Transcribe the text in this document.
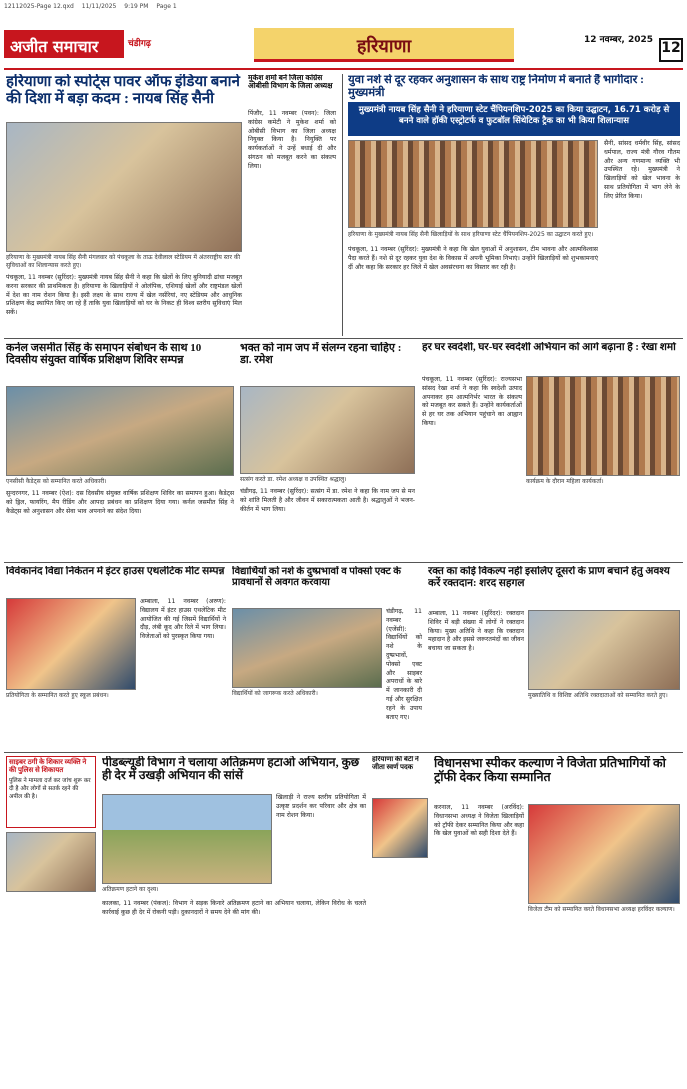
12112025-Page 12.qxd 11/11/2025 9:19 PM Page 1
अजीत समाचार	चंडीगढ़	हरियाणा	12 नवम्बर, 2025 12
हरियाणा को स्पोर्ट्स पावर ऑफ इंडिया बनाने की दिशा में बड़ा कदम : नायब सिंह सैनी
हरियाणा के मुख्यमंत्री नायब सिंह सैनी मंगलवार को पंचकूला के ताऊ देवीलाल स्टेडियम में अंतरराष्ट्रीय स्तर की सुविधाओं का शिलान्यास करते हुए।
पंचकूला, 11 नवम्बर (सुरिंदर): मुख्यमंत्री नायब सिंह सैनी ने कहा कि खेलों के लिए बुनियादी ढांचा मजबूत करना सरकार की प्राथमिकता है। हरियाणा के खिलाड़ियों ने ओलंपिक, एशियाई खेलों और राष्ट्रमंडल खेलों में देश का नाम रोशन किया है। इसी लक्ष्य के साथ राज्य में खेल नर्सरियां, नए स्टेडियम और आधुनिक प्रशिक्षण केंद्र स्थापित किए जा रहे हैं ताकि युवा खिलाड़ियों को घर के निकट ही विश्व स्तरीय सुविधाएं मिल सकें।
मुकेश शर्मा बने जिला कांग्रेस ओबीसी विभाग के जिला अध्यक्ष
पिंजौर, 11 नवम्बर (पवन): जिला कांग्रेस कमेटी ने मुकेश शर्मा को ओबीसी विभाग का जिला अध्यक्ष नियुक्त किया है। नियुक्ति पर कार्यकर्ताओं ने उन्हें बधाई दी और संगठन को मजबूत करने का संकल्प लिया।
युवा नशे से दूर रहकर अनुशासन के साथ राष्ट्र निर्माण में बनाते हैं भागीदार : मुख्यमंत्री
मुख्यमंत्री नायब सिंह सैनी ने हरियाणा स्टेट चैंपियनशिप-2025 का किया उद्घाटन, 16.71 करोड़ से बनने वाले हॉकी एस्ट्रोटर्फ व फुटबॉल सिंथेटिक ट्रैक का भी किया शिलान्यास
हरियाणा के मुख्यमंत्री नायब सिंह सैनी खिलाड़ियों के साथ हरियाणा स्टेट चैंपियनशिप-2025 का उद्घाटन करते हुए।
पंचकूला, 11 नवम्बर (सुरिंदर): मुख्यमंत्री ने कहा कि खेल युवाओं में अनुशासन, टीम भावना और आत्मविश्वास पैदा करते हैं। नशे से दूर रहकर युवा देश के विकास में अपनी भूमिका निभाएं। उन्होंने खिलाड़ियों को शुभकामनाएं दीं और कहा कि सरकार हर जिले में खेल अवसंरचना का विस्तार कर रही है।
सैनी, सांसद धर्मवीर सिंह, सांसद धर्मपाल, राज्य मंत्री गौरव गौतम और अन्य गणमान्य व्यक्ति भी उपस्थित रहे। मुख्यमंत्री ने खिलाड़ियों को खेल भावना के साथ प्रतियोगिता में भाग लेने के लिए प्रेरित किया।
कर्नल जसमीत सिंह के समापन संबोधन के साथ 10 दिवसीय संयुक्त वार्षिक प्रशिक्षण शिविर सम्पन्न
एनसीसी कैडेट्स को सम्मानित करते अधिकारी।
सुन्दरनगर, 11 नवम्बर (ऐश): दस दिवसीय संयुक्त वार्षिक प्रशिक्षण शिविर का समापन हुआ। कैडेट्स को ड्रिल, फायरिंग, मैप रीडिंग और आपदा प्रबंधन का प्रशिक्षण दिया गया। कर्नल जसमीत सिंह ने कैडेट्स को अनुशासन और सेवा भाव अपनाने का संदेश दिया।
भक्त को नाम जप में संलग्न रहना चाहिए : डा. रमेश
सत्संग करते डा. रमेश अध्यक्ष व उपस्थित श्रद्धालु।
चंडीगढ़, 11 नवम्बर (सुरिंदर): सत्संग में डा. रमेश ने कहा कि नाम जप से मन को शांति मिलती है और जीवन में सकारात्मकता आती है। श्रद्धालुओं ने भजन-कीर्तन में भाग लिया।
हर घर स्वदेशी, घर-घर स्वदेशी अभियान को आगे बढ़ाना है : रेखा शर्मा
पंचकूला, 11 नवम्बर (सुरिंदर): राज्यसभा सांसद रेखा शर्मा ने कहा कि स्वदेशी उत्पाद अपनाकर हम आत्मनिर्भर भारत के संकल्प को मजबूत कर सकते हैं। उन्होंने कार्यकर्ताओं से हर घर तक अभियान पहुंचाने का आह्वान किया।
कार्यक्रम के दौरान महिला कार्यकर्ता।
विवेकानंद विद्या निकेतन में इंटर हाउस एथलेटिक मीट सम्पन्न
प्रतियोगिता के सम्मानित करते हुए स्कूल प्रबंधन।
अम्बाला, 11 नवम्बर (अरुण): विद्यालय में इंटर हाउस एथलेटिक मीट आयोजित की गई जिसमें विद्यार्थियों ने दौड़, लंबी कूद और रिले में भाग लिया। विजेताओं को पुरस्कृत किया गया।
विद्यार्थियों को नशे के दुष्प्रभावों व पोक्सो एक्ट के प्रावधानों से अवगत करवाया
विद्यार्थियों को जागरूक करते अधिकारी।
चंडीगढ़, 11 नवम्बर (एजेंसी): विद्यार्थियों को नशे के दुष्प्रभावों, पोक्सो एक्ट और साइबर अपराधों के बारे में जानकारी दी गई और सुरक्षित रहने के उपाय बताए गए।
रक्त का कोई विकल्प नहीं इसलिए दूसरों के प्राण बचाने हेतु अवश्य करें रक्तदान: शरद सहगल
अम्बाला, 11 नवम्बर (सुरिंदर): रक्तदान शिविर में बड़ी संख्या में लोगों ने रक्तदान किया। मुख्य अतिथि ने कहा कि रक्तदान महादान है और इससे जरूरतमंदों का जीवन बचाया जा सकता है।
मुख्यातिथि व विशिष्ट अतिथि रक्तदाताओं को सम्मानित करते हुए।
साइबर ठगी के शिकार व्यक्ति ने की पुलिस से शिकायत
पुलिस ने मामला दर्ज कर जांच शुरू कर दी है और लोगों से सतर्क रहने की अपील की है।
पीडब्ल्यूडी विभाग ने चलाया अतिक्रमण हटाओ अभियान, कुछ ही देर में उखड़ी अभियान की सांसें
अतिक्रमण हटाने का दृश्य।
कालका, 11 नवम्बर (पंकज): विभाग ने सड़क किनारे अतिक्रमण हटाने का अभियान चलाया, लेकिन विरोध के चलते कार्रवाई कुछ ही देर में रोकनी पड़ी। दुकानदारों ने समय देने की मांग की।
खिलाड़ी ने राज्य स्तरीय प्रतियोगिता में उत्कृष्ट प्रदर्शन कर परिवार और क्षेत्र का नाम रोशन किया।
हरियाणा की बेटी ने जीता स्वर्ण पदक	विधानसभा स्पीकर कल्याण ने विजेता प्रतिभागियों को ट्रॉफी देकर किया सम्मानित
करनाल, 11 नवम्बर (अरविंद): विधानसभा अध्यक्ष ने विजेता खिलाड़ियों को ट्रॉफी देकर सम्मानित किया और कहा कि खेल युवाओं को सही दिशा देते हैं।
विजेता टीम को सम्मानित करते विधानसभा अध्यक्ष हरविंदर कल्याण।
